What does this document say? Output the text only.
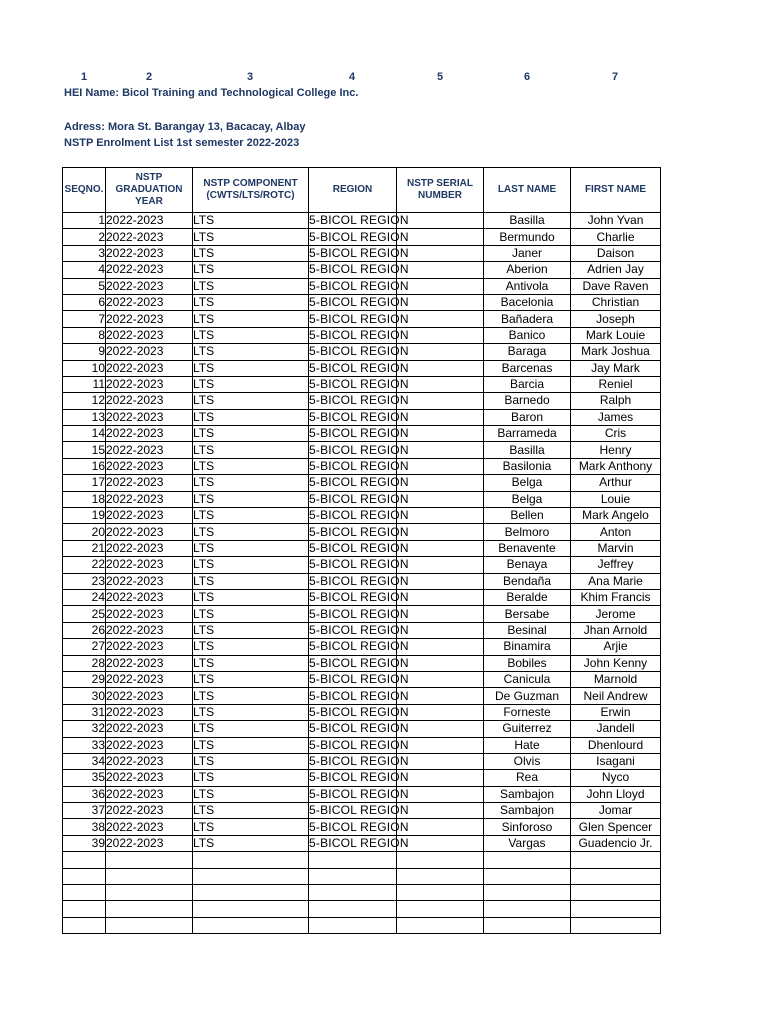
1	2	3	4	5	6	7
HEI Name: Bicol Training and Technological College Inc.
Adress: Mora St. Barangay 13, Bacacay, Albay
NSTP Enrolment List 1st semester 2022-2023
SEQNO.	NSTP GRADUATION YEAR	NSTP COMPONENT (CWTS/LTS/ROTC)	REGION	NSTP SERIAL NUMBER	LAST NAME	FIRST NAME
1	2022-2023	LTS	5-BICOL REGION		Basilla	John Yvan
2	2022-2023	LTS	5-BICOL REGION		Bermundo	Charlie
3	2022-2023	LTS	5-BICOL REGION		Janer	Daison
4	2022-2023	LTS	5-BICOL REGION		Aberion	Adrien Jay
5	2022-2023	LTS	5-BICOL REGION		Antivola	Dave Raven
6	2022-2023	LTS	5-BICOL REGION		Bacelonia	Christian
7	2022-2023	LTS	5-BICOL REGION		Bañadera	Joseph
8	2022-2023	LTS	5-BICOL REGION		Banico	Mark Louie
9	2022-2023	LTS	5-BICOL REGION		Baraga	Mark Joshua
10	2022-2023	LTS	5-BICOL REGION		Barcenas	Jay Mark
11	2022-2023	LTS	5-BICOL REGION		Barcia	Reniel
12	2022-2023	LTS	5-BICOL REGION		Barnedo	Ralph
13	2022-2023	LTS	5-BICOL REGION		Baron	James
14	2022-2023	LTS	5-BICOL REGION		Barrameda	Cris
15	2022-2023	LTS	5-BICOL REGION		Basilla	Henry
16	2022-2023	LTS	5-BICOL REGION		Basilonia	Mark Anthony
17	2022-2023	LTS	5-BICOL REGION		Belga	Arthur
18	2022-2023	LTS	5-BICOL REGION		Belga	Louie
19	2022-2023	LTS	5-BICOL REGION		Bellen	Mark Angelo
20	2022-2023	LTS	5-BICOL REGION		Belmoro	Anton
21	2022-2023	LTS	5-BICOL REGION		Benavente	Marvin
22	2022-2023	LTS	5-BICOL REGION		Benaya	Jeffrey
23	2022-2023	LTS	5-BICOL REGION		Bendaña	Ana Marie
24	2022-2023	LTS	5-BICOL REGION		Beralde	Khim Francis
25	2022-2023	LTS	5-BICOL REGION		Bersabe	Jerome
26	2022-2023	LTS	5-BICOL REGION		Besinal	Jhan Arnold
27	2022-2023	LTS	5-BICOL REGION		Binamira	Arjie
28	2022-2023	LTS	5-BICOL REGION		Bobiles	John Kenny
29	2022-2023	LTS	5-BICOL REGION		Canicula	Marnold
30	2022-2023	LTS	5-BICOL REGION		De Guzman	Neil Andrew
31	2022-2023	LTS	5-BICOL REGION		Forneste	Erwin
32	2022-2023	LTS	5-BICOL REGION		Guiterrez	Jandell
33	2022-2023	LTS	5-BICOL REGION		Hate	Dhenlourd
34	2022-2023	LTS	5-BICOL REGION		Olvis	Isagani
35	2022-2023	LTS	5-BICOL REGION		Rea	Nyco
36	2022-2023	LTS	5-BICOL REGION		Sambajon	John Lloyd
37	2022-2023	LTS	5-BICOL REGION		Sambajon	Jomar
38	2022-2023	LTS	5-BICOL REGION		Sinforoso	Glen Spencer
39	2022-2023	LTS	5-BICOL REGION		Vargas	Guadencio Jr.
